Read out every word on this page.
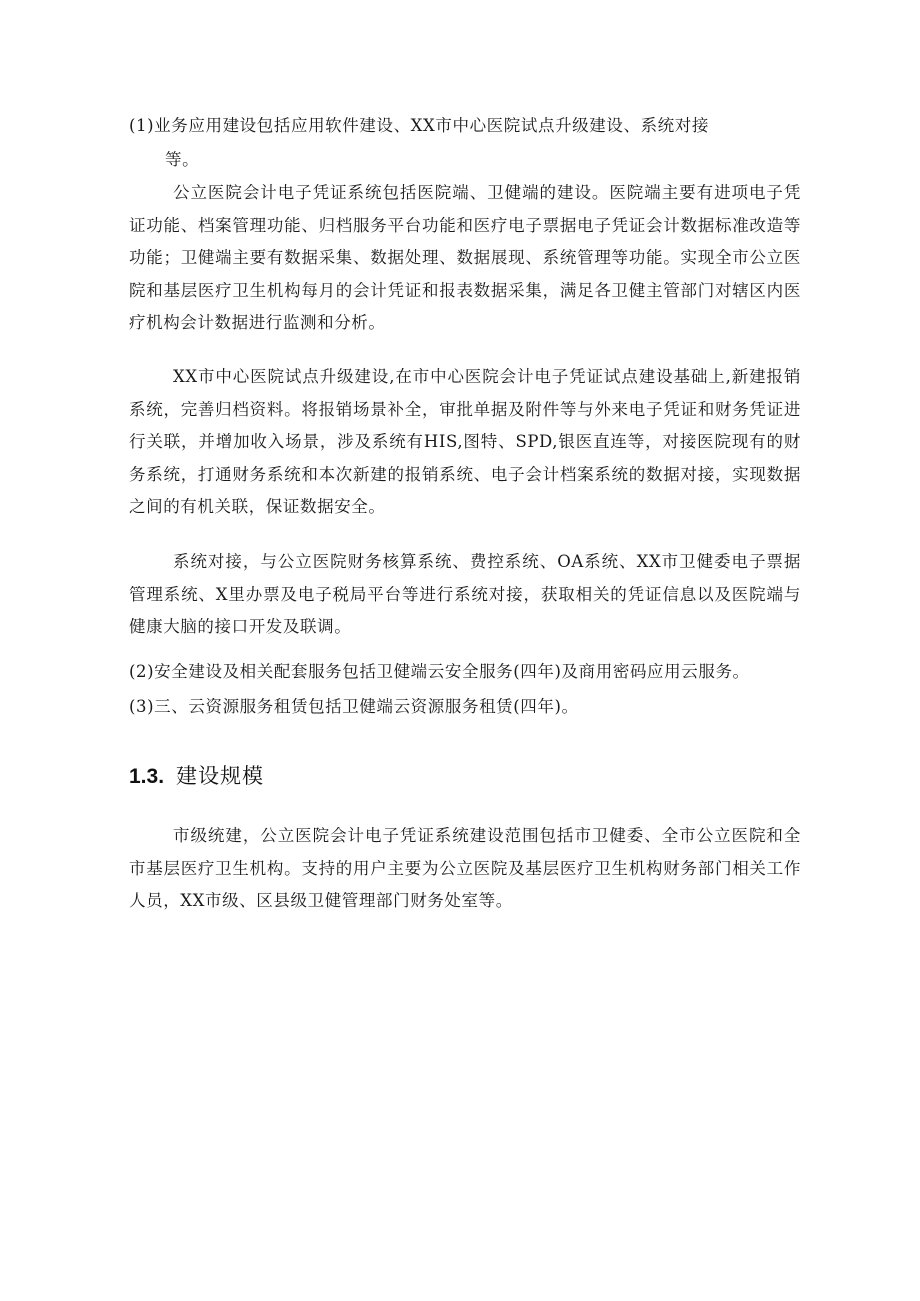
(1)业务应用建设包括应用软件建设、XX市中心医院试点升级建设、系统对接
等。

公立医院会计电子凭证系统包括医院端、卫健端的建设。医院端主要有进项电子凭证功能、档案管理功能、归档服务平台功能和医疗电子票据电子凭证会计数据标准改造等功能；卫健端主要有数据采集、数据处理、数据展现、系统管理等功能。实现全市公立医院和基层医疗卫生机构每月的会计凭证和报表数据采集，满足各卫健主管部门对辖区内医疗机构会计数据进行监测和分析。

XX市中心医院试点升级建设,在市中心医院会计电子凭证试点建设基础上,新建报销系统，完善归档资料。将报销场景补全，审批单据及附件等与外来电子凭证和财务凭证进行关联，并增加收入场景，涉及系统有HIS,图特、SPD,银医直连等，对接医院现有的财务系统，打通财务系统和本次新建的报销系统、电子会计档案系统的数据对接，实现数据之间的有机关联，保证数据安全。

系统对接，与公立医院财务核算系统、费控系统、OA系统、XX市卫健委电子票据管理系统、X里办票及电子税局平台等进行系统对接，获取相关的凭证信息以及医院端与健康大脑的接口开发及联调。

(2)安全建设及相关配套服务包括卫健端云安全服务(四年)及商用密码应用云服务。
(3)三、云资源服务租赁包括卫健端云资源服务租赁(四年)。
1.3. 建设规模

市级统建，公立医院会计电子凭证系统建设范围包括市卫健委、全市公立医院和全市基层医疗卫生机构。支持的用户主要为公立医院及基层医疗卫生机构财务部门相关工作人员，XX市级、区县级卫健管理部门财务处室等。
